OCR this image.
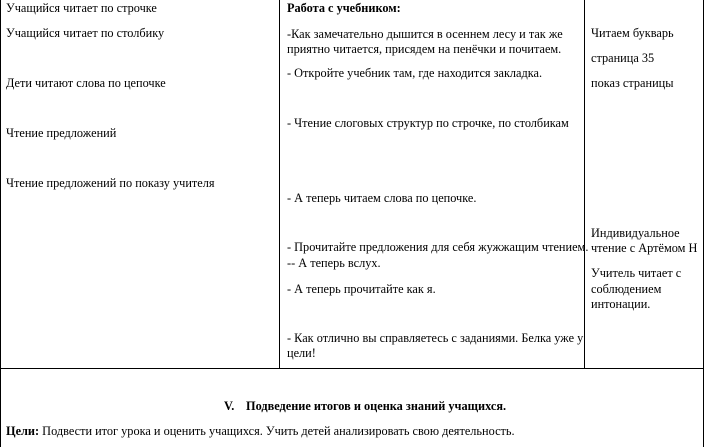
Учащийся читает по строчке
Учащийся читает по столбику
Дети читают слова по цепочке
Чтение предложений
Чтение предложений по показу учителя
Работа с учебником:
-Как замечательно дышится в осеннем лесу и так же
приятно читается, присядем на пенёчки и почитаем.
- Откройте учебник там, где находится закладка.
- Чтение слоговых структур по строчке, по столбикам
- А теперь читаем слова по цепочке.
- Прочитайте предложения для себя жужжащим чтением.
-- А теперь вслух.
- А теперь прочитайте как я.
- Как отлично вы справляетесь с заданиями. Белка уже у
цели!
Читаем букварь
страница 35
показ страницы
Индивидуальное
чтение с Артёмом Н
Учитель читает с
соблюдением
интонации.
V. Подведение итогов и оценка знаний учащихся.
Цели: Подвести итог урока и оценить учащихся. Учить детей анализировать свою деятельность.
